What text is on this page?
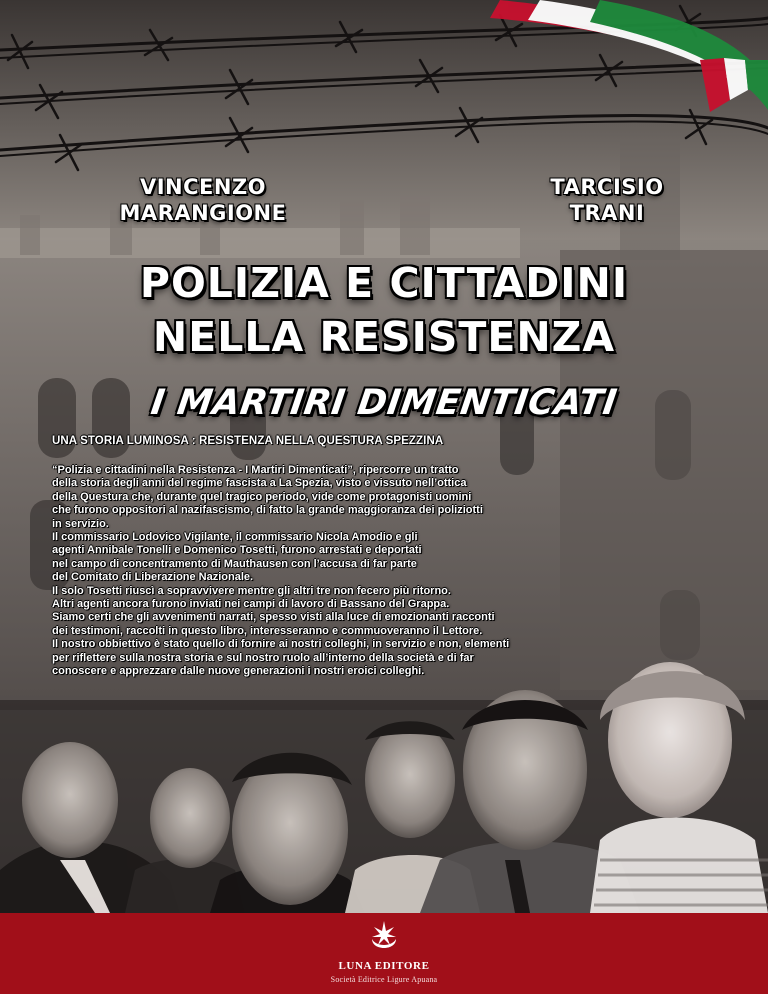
VINCENZO
MARANGIONE
TARCISIO
TRANI
POLIZIA E CITTADINI
NELLA RESISTENZA
I MARTIRI DIMENTICATI
UNA STORIA LUMINOSA : RESISTENZA NELLA QUESTURA SPEZZINA

“Polizia e cittadini nella Resistenza - I Martiri Dimenticati”, ripercorre un tratto

della storia degli anni del regime fascista a La Spezia, visto e vissuto nell’ottica

della Questura che, durante quel tragico periodo, vide come protagonisti uomini

che furono oppositori al nazifascismo, di fatto la grande maggioranza dei poliziotti

in servizio.

Il commissario Lodovico Vigilante, il commissario Nicola Amodio e gli

agenti Annibale Tonelli e Domenico Tosetti, furono arrestati e deportati

nel campo di concentramento di Mauthausen con l’accusa di far parte

del Comitato di Liberazione Nazionale.

Il solo Tosetti riuscì a sopravvivere mentre gli altri tre non fecero più ritorno.

Altri agenti ancora furono inviati nei campi di lavoro di Bassano del Grappa.

Siamo certi che gli avvenimenti narrati, spesso visti alla luce di emozionanti racconti

dei testimoni, raccolti in questo libro, interesseranno e commuoveranno il Lettore.

Il nostro obbiettivo è stato quello di fornire ai nostri colleghi, in servizio e non, elementi

per riflettere sulla nostra storia e sul nostro ruolo all’interno della società e di far

conoscere e apprezzare dalle nuove generazioni i nostri eroici colleghi.

LUNA EDITORE
Società Editrice Ligure Apuana
